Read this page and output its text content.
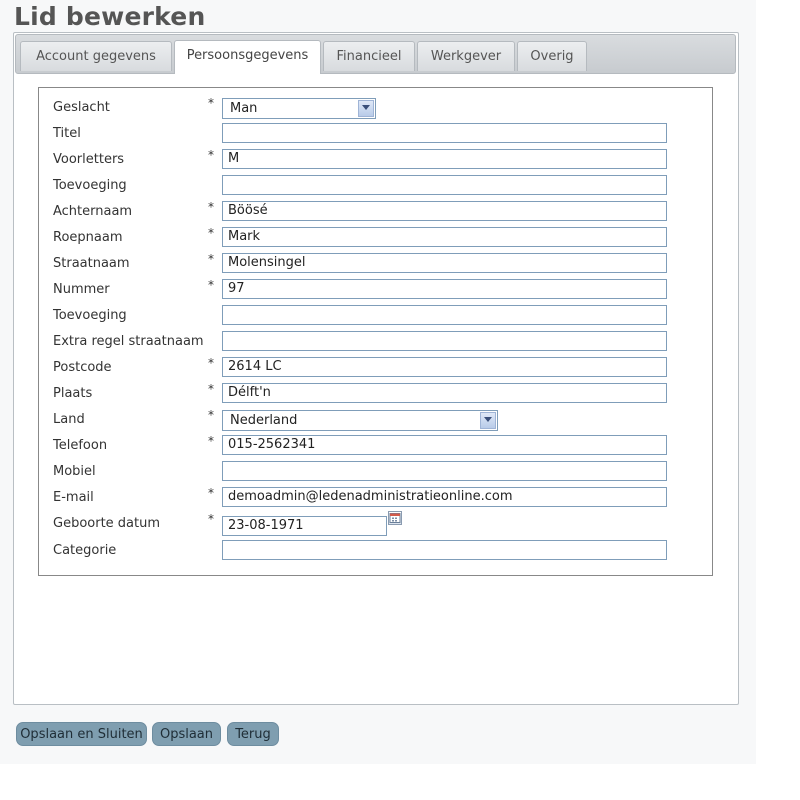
Lid bewerken
Account gegevens	Persoonsgegevens	Financieel	Werkgever	Overig
Geslacht	*	Man
Titel
Voorletters	*	M
Toevoeging
Achternaam	*	Böösé
Roepnaam	*	Mark
Straatnaam	*	Molensingel
Nummer	*	97
Toevoeging
Extra regel straatnaam
Postcode	*	2614 LC
Plaats	*	Délft'n
Land	*	Nederland
Telefoon	*	015-2562341
Mobiel
E-mail	*	demoadmin@ledenadministratieonline.com
Geboorte datum	*	23-08-1971
Categorie
Opslaan en Sluiten	Opslaan	Terug
